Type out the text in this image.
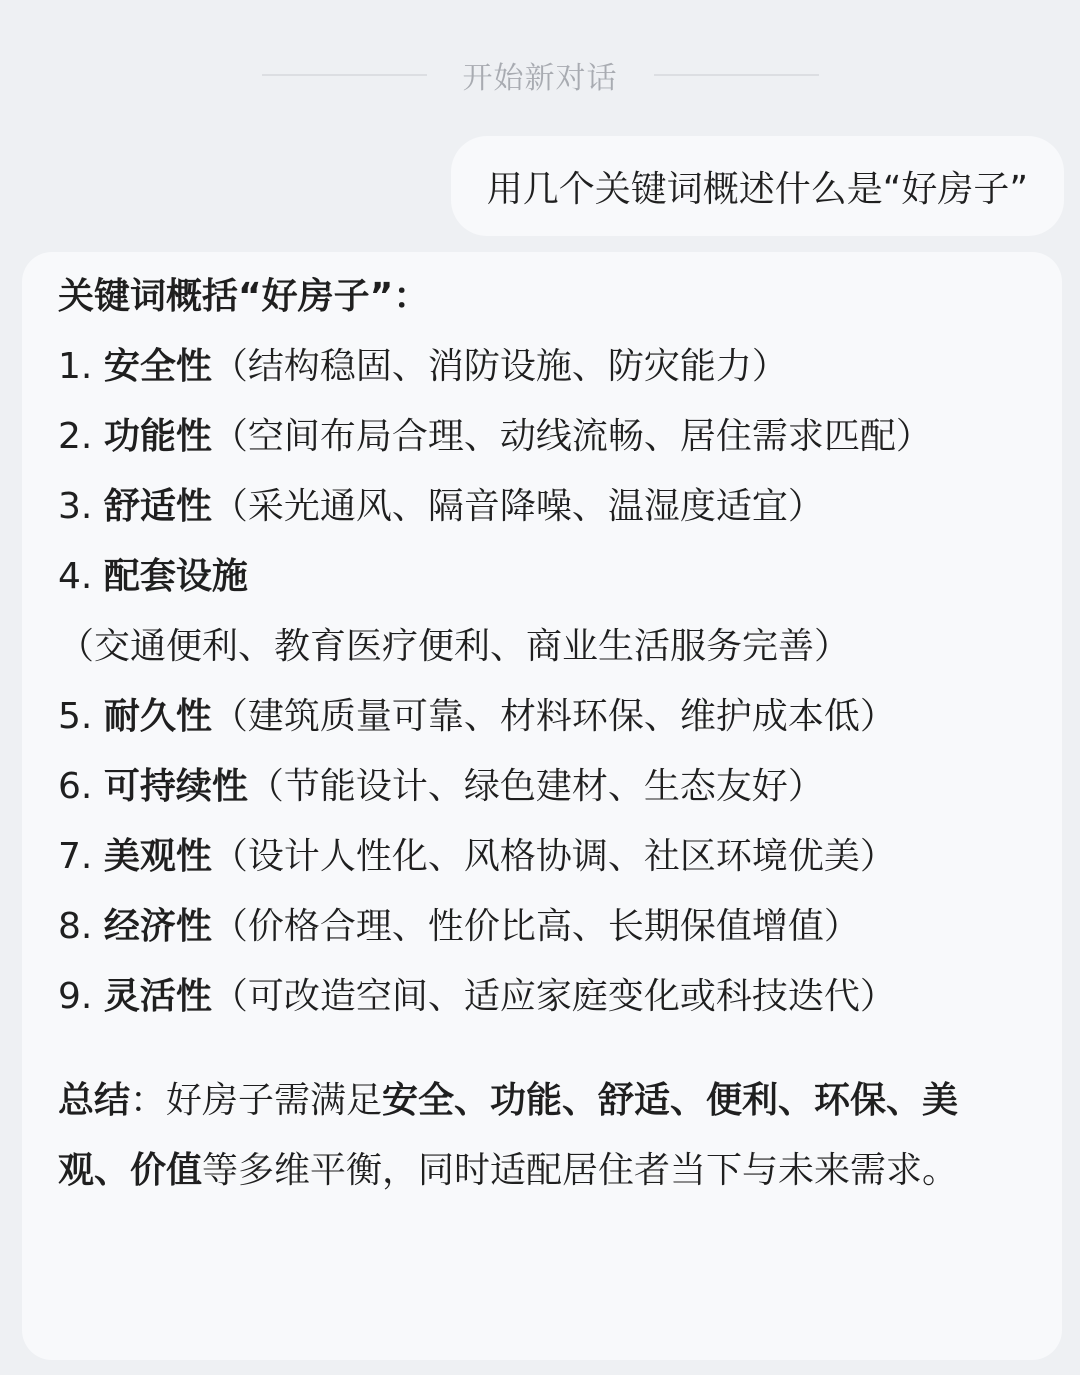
开始新对话
用几个关键词概述什么是“好房子”
关键词概括“好房子”：
1. 安全性（结构稳固、消防设施、防灾能力）
2. 功能性（空间布局合理、动线流畅、居住需求匹配）
3. 舒适性（采光通风、隔音降噪、温湿度适宜）
4. 配套设施（交通便利、教育医疗便利、商业生活服务完善）
5. 耐久性（建筑质量可靠、材料环保、维护成本低）
6. 可持续性（节能设计、绿色建材、生态友好）
7. 美观性（设计人性化、风格协调、社区环境优美）
8. 经济性（价格合理、性价比高、长期保值增值）
9. 灵活性（可改造空间、适应家庭变化或科技迭代）
总结：好房子需满足安全、功能、舒适、便利、环保、美观、价值等多维平衡，同时适配居住者当下与未来需求。
